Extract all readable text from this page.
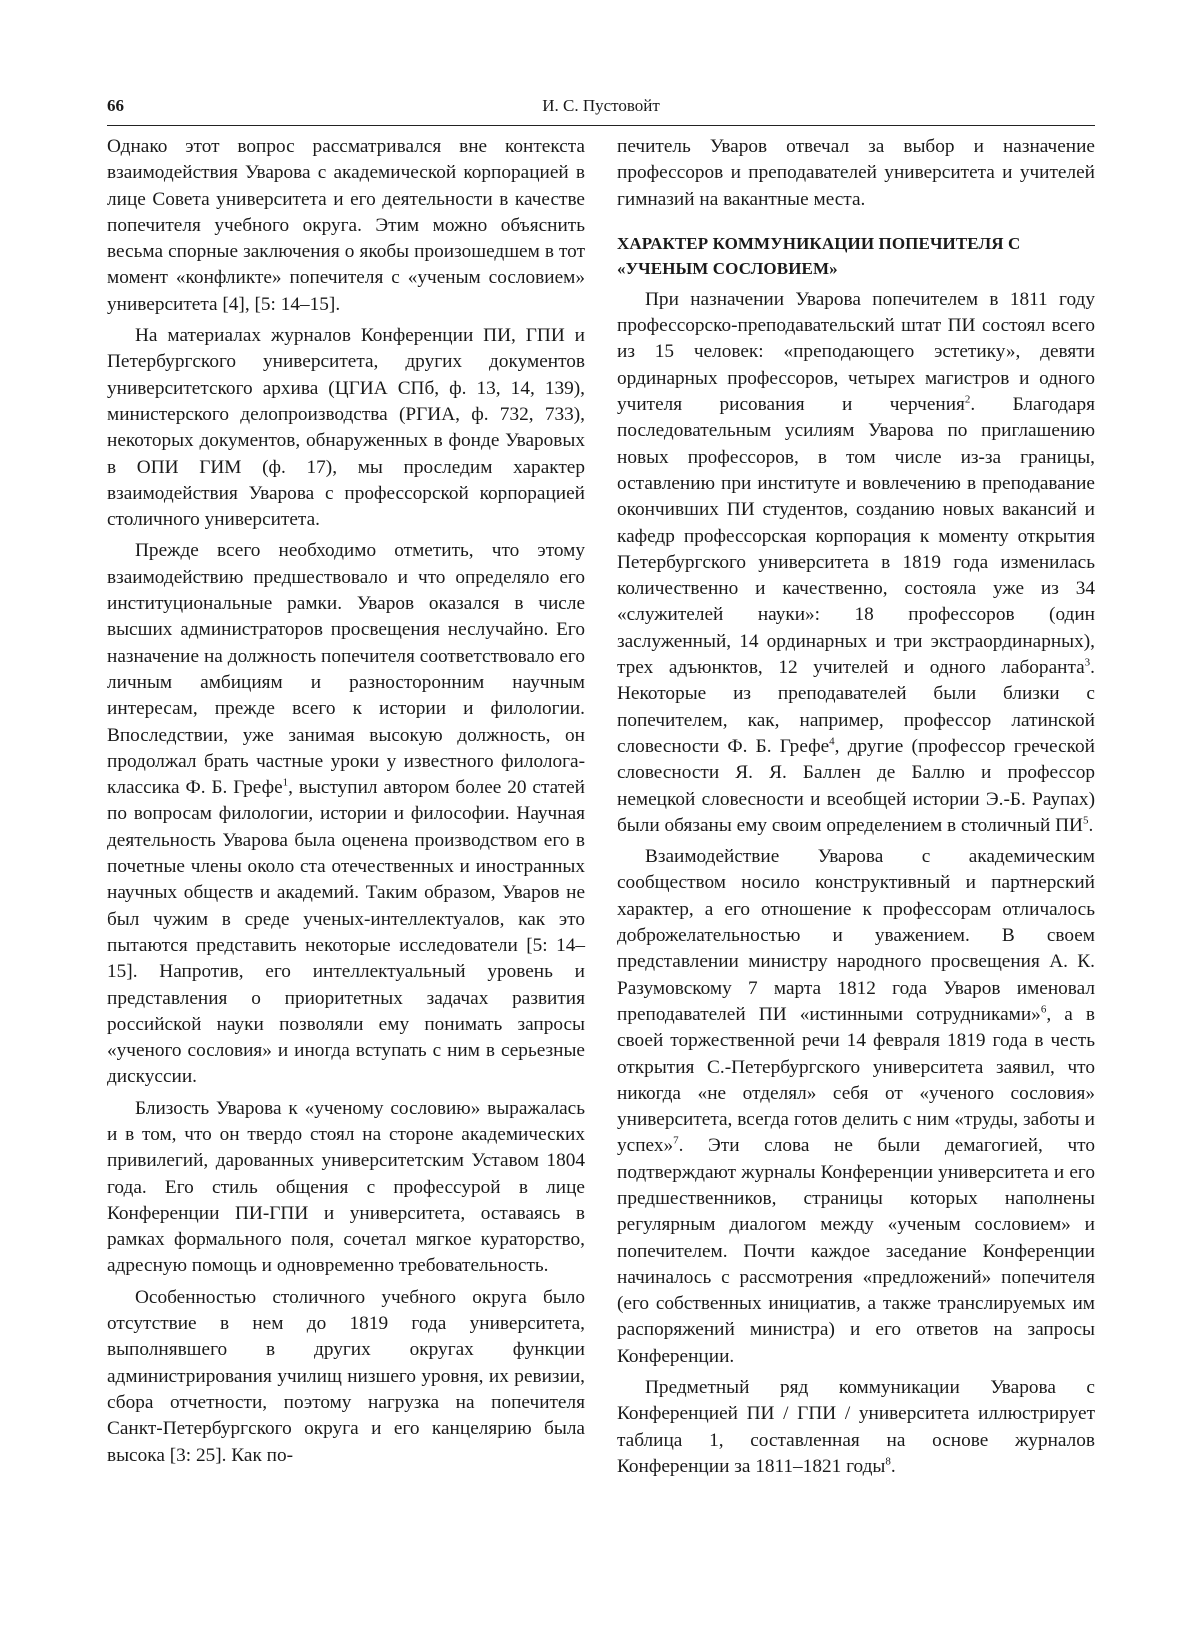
66	И. С. Пустовойт

Однако этот вопрос рассматривался вне контекста взаимодействия Уварова с академической корпорацией в лице Совета университета и его деятельности в качестве попечителя учебного округа. Этим можно объяснить весьма спорные заключения о якобы произошедшем в тот момент «конфликте» попечителя с «ученым сословием» университета [4], [5: 14–15].

На материалах журналов Конференции ПИ, ГПИ и Петербургского университета, других документов университетского архива (ЦГИА СПб, ф. 13, 14, 139), министерского делопроизводства (РГИА, ф. 732, 733), некоторых документов, обнаруженных в фонде Уваровых в ОПИ ГИМ (ф. 17), мы проследим характер взаимодействия Уварова с профессорской корпорацией столичного университета.

Прежде всего необходимо отметить, что этому взаимодействию предшествовало и что определяло его институциональные рамки. Уваров оказался в числе высших администраторов просвещения неслучайно. Его назначение на должность попечителя соответствовало его личным амбициям и разносторонним научным интересам, прежде всего к истории и филологии. Впоследствии, уже занимая высокую должность, он продолжал брать частные уроки у известного филолога-классика Ф. Б. Грефе$^1$, выступил автором более 20 статей по вопросам филологии, истории и философии. Научная деятельность Уварова была оценена производством его в почетные члены около ста отечественных и иностранных научных обществ и академий. Таким образом, Уваров не был чужим в среде ученых-интеллектуалов, как это пытаются представить некоторые исследователи [5: 14–15]. Напротив, его интеллектуальный уровень и представления о приоритетных задачах развития российской науки позволяли ему понимать запросы «ученого сословия» и иногда вступать с ним в серьезные дискуссии.

Близость Уварова к «ученому сословию» выражалась и в том, что он твердо стоял на стороне академических привилегий, дарованных университетским Уставом 1804 года. Его стиль общения с профессурой в лице Конференции ПИ-ГПИ и университета, оставаясь в рамках формального поля, сочетал мягкое кураторство, адресную помощь и одновременно требовательность.

Особенностью столичного учебного округа было отсутствие в нем до 1819 года университета, выполнявшего в других округах функции администрирования училищ низшего уровня, их ревизии, сбора отчетности, поэтому нагрузка на попечителя Санкт-Петербургского округа и его канцелярию была высока [3: 25]. Как по-

печитель Уваров отвечал за выбор и назначение профессоров и преподавателей университета и учителей гимназий на вакантные места.

ХАРАКТЕР КОММУНИКАЦИИ ПОПЕЧИТЕЛЯ С «УЧЕНЫМ СОСЛОВИЕМ»

При назначении Уварова попечителем в 1811 году профессорско-преподавательский штат ПИ состоял всего из 15 человек: «преподающего эстетику», девяти ординарных профессоров, четырех магистров и одного учителя рисования и черчения$^2$. Благодаря последовательным усилиям Уварова по приглашению новых профессоров, в том числе из-за границы, оставлению при институте и вовлечению в преподавание окончивших ПИ студентов, созданию новых вакансий и кафедр профессорская корпорация к моменту открытия Петербургского университета в 1819 года изменилась количественно и качественно, состояла уже из 34 «служителей науки»: 18 профессоров (один заслуженный, 14 ординарных и три экстраординарных), трех адъюнктов, 12 учителей и одного лаборанта$^3$. Некоторые из преподавателей были близки с попечителем, как, например, профессор латинской словесности Ф. Б. Грефе$^4$, другие (профессор греческой словесности Я. Я. Баллен де Баллю и профессор немецкой словесности и всеобщей истории Э.-Б. Раупах) были обязаны ему своим определением в столичный $ПИ^5$.

Взаимодействие Уварова с академическим сообществом носило конструктивный и партнерский характер, а его отношение к профессорам отличалось доброжелательностью и уважением. В своем представлении министру народного просвещения А. К. Разумовскому 7 марта 1812 года Уваров именовал преподавателей ПИ «истинными сотрудниками»$^6$, а в своей торжественной речи 14 февраля 1819 года в честь открытия С.-Петербургского университета заявил, что никогда «не отделял» себя от «ученого сословия» университета, всегда готов делить с ним «труды, заботы и успех»$^7$. Эти слова не были демагогией, что подтверждают журналы Конференции университета и его предшественников, страницы которых наполнены регулярным диалогом между «ученым сословием» и попечителем. Почти каждое заседание Конференции начиналось с рассмотрения «предложений» попечителя (его собственных инициатив, а также транслируемых им распоряжений министра) и его ответов на запросы Конференции.

Предметный ряд коммуникации Уварова с Конференцией ПИ / ГПИ / университета иллюстрирует таблица 1, составленная на основе журналов Конференции за 1811–1821 годы$^8$.
